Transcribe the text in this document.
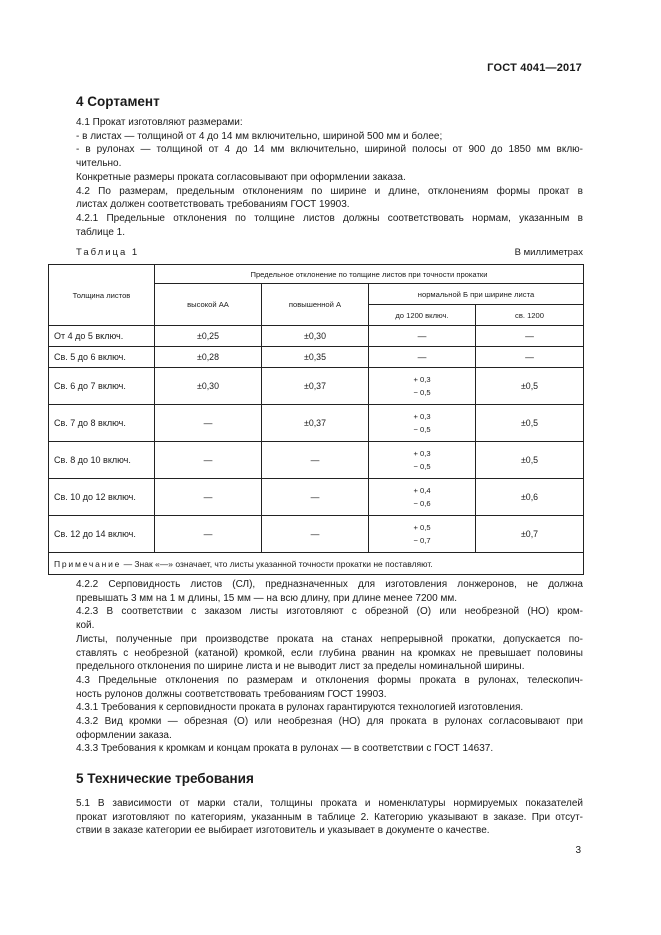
ГОСТ 4041—2017
4 Сортамент

4.1 Прокат изготовляют размерами:

- в листах — толщиной от 4 до 14 мм включительно, шириной 500 мм и более;

- в рулонах — толщиной от 4 до 14 мм включительно, шириной полосы от 900 до 1850 мм вклю-

чительно.

Конкретные размеры проката согласовывают при оформлении заказа.

4.2 По размерам, предельным отклонениям по ширине и длине, отклонениям формы прокат в

листах должен соответствовать требованиям ГОСТ 19903.

4.2.1 Предельные отклонения по толщине листов должны соответствовать нормам, указанным в

таблице 1.

Таблица 1	В миллиметрах
Толщина листов	Предельное отклонение по толщине листов при точности прокатки			
	высокой АА	повышенной А	нормальной Б при ширине листа	
			до 1200 включ.	св. 1200
От 4 до 5 включ.	±0,25	±0,30	—	—
Св. 5 до 6 включ.	±0,28	±0,35	—	—
Св. 6 до 7 включ.	±0,30	±0,37	+ 0,3
− 0,5	±0,5
Св. 7 до 8 включ.	—	±0,37	+ 0,3
− 0,5	±0,5
Св. 8 до 10 включ.	—	—	+ 0,3
− 0,5	±0,5
Св. 10 до 12 включ.	—	—	+ 0,4
− 0,6	±0,6
Св. 12 до 14 включ.	—	—	+ 0,5
− 0,7	±0,7
Примечание — Знак «—» означает, что листы указанной точности прокатки не поставляют.				

4.2.2 Серповидность листов (СЛ), предназначенных для изготовления лонжеронов, не должна

превышать 3 мм на 1 м длины, 15 мм — на всю длину, при длине менее 7200 мм.

4.2.3 В соответствии с заказом листы изготовляют с обрезной (О) или необрезной (НО) кром-

кой.

Листы, полученные при производстве проката на станах непрерывной прокатки, допускается по-

ставлять с необрезной (катаной) кромкой, если глубина рванин на кромках не превышает половины

предельного отклонения по ширине листа и не выводит лист за пределы номинальной ширины.

4.3 Предельные отклонения по размерам и отклонения формы проката в рулонах, телескопич-

ность рулонов должны соответствовать требованиям ГОСТ 19903.

4.3.1 Требования к серповидности проката в рулонах гарантируются технологией изготовления.

4.3.2 Вид кромки — обрезная (О) или необрезная (НО) для проката в рулонах согласовывают при

оформлении заказа.

4.3.3 Требования к кромкам и концам проката в рулонах — в соответствии с ГОСТ 14637.

5 Технические требования

5.1 В зависимости от марки стали, толщины проката и номенклатуры нормируемых показателей

прокат изготовляют по категориям, указанным в таблице 2. Категорию указывают в заказе. При отсут-

ствии в заказе категории ее выбирает изготовитель и указывает в документе о качестве.

3
